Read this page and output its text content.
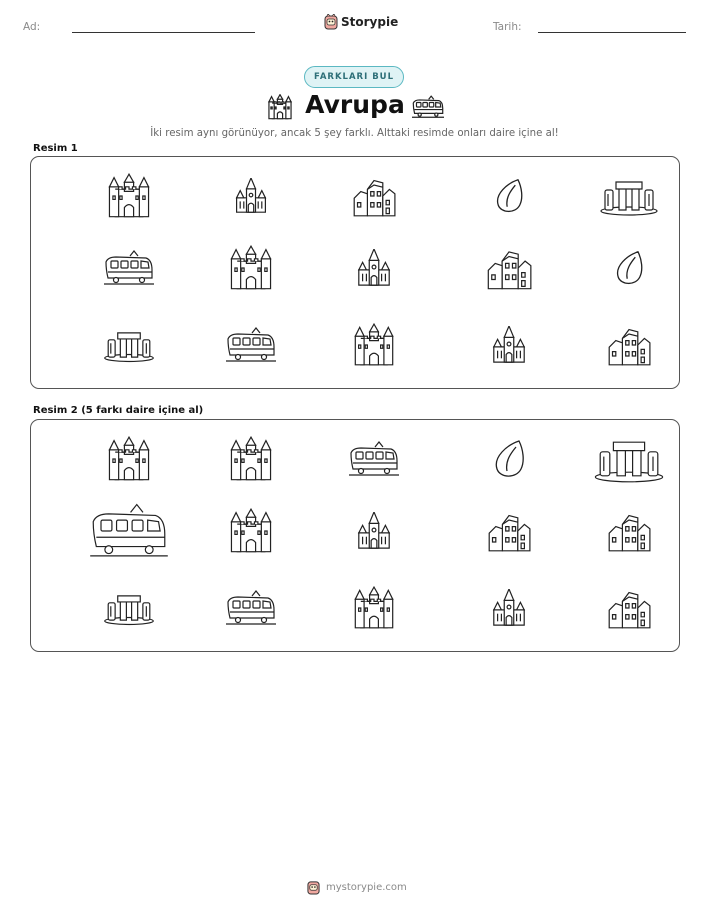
Ad:	Storypie	Tarih:
FARKLARI BUL
Avrupa
İki resim aynı görünüyor, ancak 5 şey farklı. Alttaki resimde onları daire içine al!
Resim 1
Resim 2 (5 farkı daire içine al)
mystorypie.com
